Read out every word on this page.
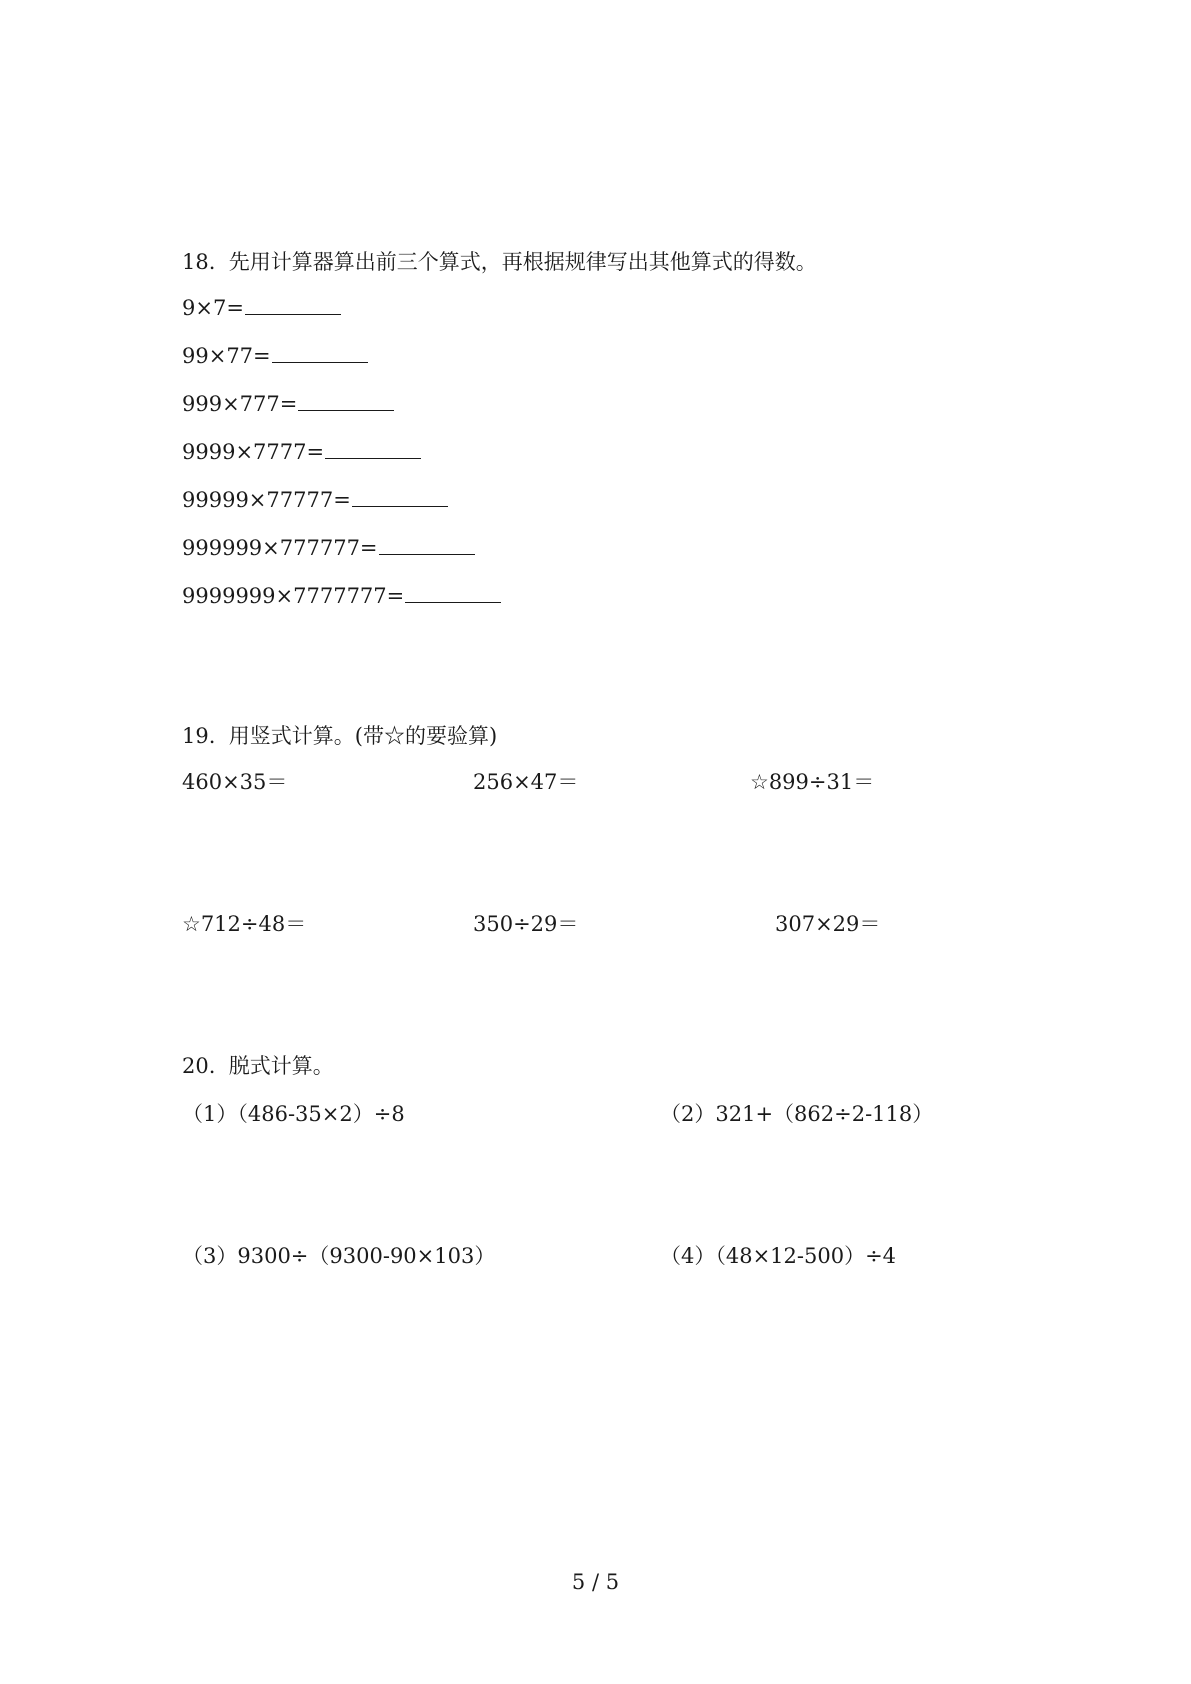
18.  先用计算器算出前三个算式，再根据规律写出其他算式的得数。
9×7=
99×77=
999×777=
9999×7777=
99999×77777=
999999×777777=
9999999×7777777=
19.  用竖式计算。(带☆的要验算)
460×35＝	256×47＝	☆899÷31＝
☆712÷48＝	350÷29＝	307×29＝
20.  脱式计算。
（1）（486-35×2）÷8	（2）321+（862÷2-118）
（3）9300÷（9300-90×103）	（4）（48×12-500）÷4
5 / 5
